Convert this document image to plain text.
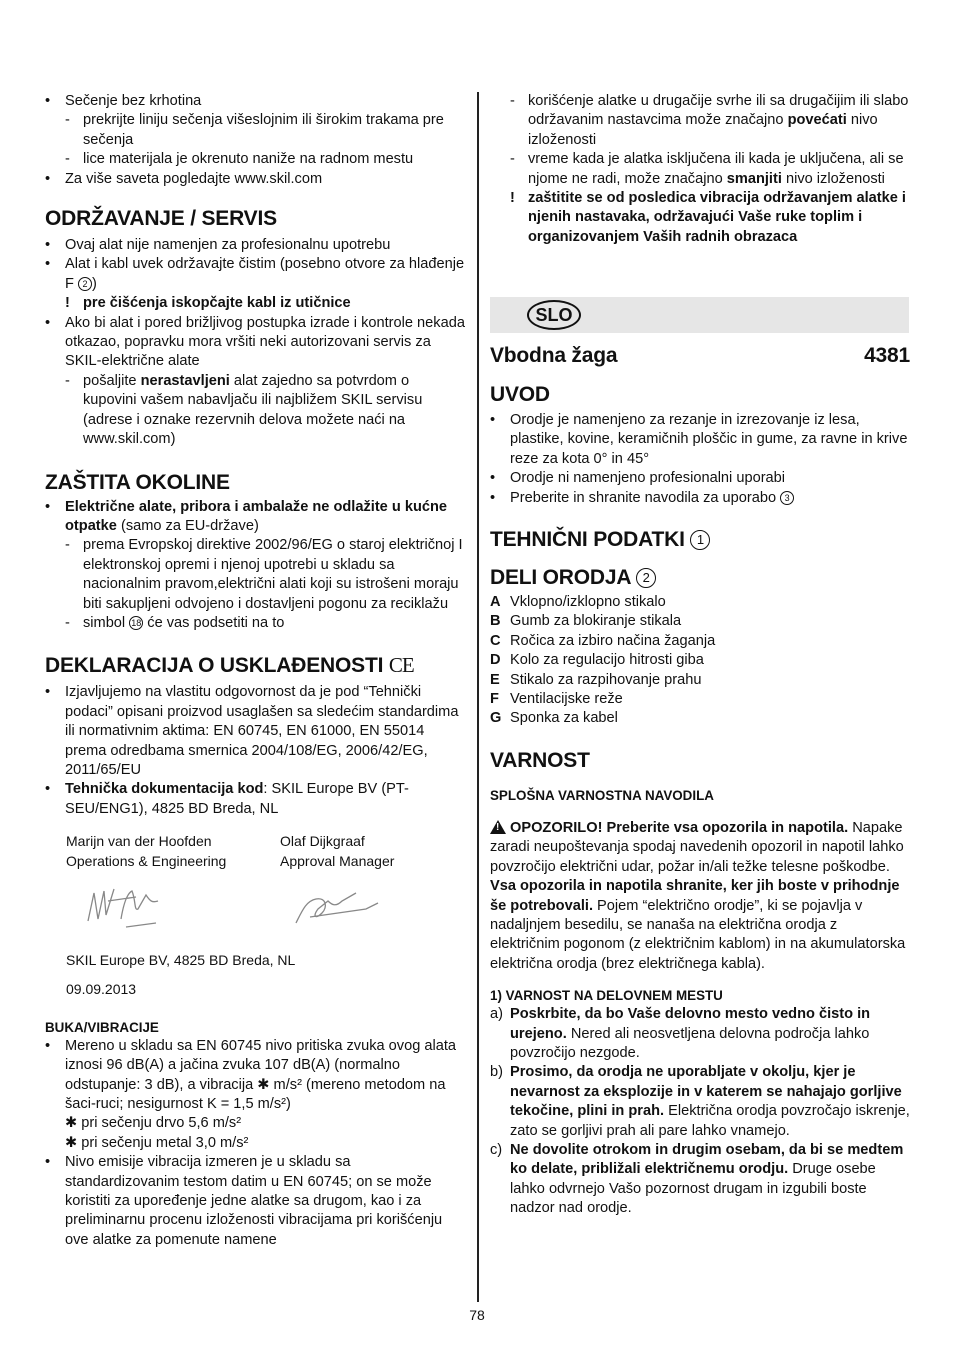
• Sečenje bez krhotina
- prekrijte liniju sečenja višeslojnim ili širokim trakama pre sečenja
- lice materijala je okrenuto naniže na radnom mestu
• Za više saveta pogledajte www.skil.com
ODRŽAVANJE / SERVIS
• Ovaj alat nije namenjen za profesionalnu upotrebu
• Alat i kabl uvek održavajte čistim (posebno otvore za hlađenje F 2 )
! pre čišćenja iskopčajte kabl iz utičnice
• Ako bi alat i pored brižljivog postupka izrade i kontrole nekada otkazao, popravku mora vršiti neki autorizovani servis za SKIL-električne alate
- pošaljite nerastavljeni alat zajedno sa potvrdom o kupovini vašem nabavljaču ili najbližem SKIL servisu (adrese i oznake rezervnih delova možete naći na www.skil.com)
ZAŠTITA OKOLINE
• Električne alate, pribora i ambalaže ne odlažite u kućne otpatke (samo za EU-države)
- prema Evropskoj direktive 2002/96/EG o staroj električnoj I elektronskoj opremi i njenoj upotrebi u skladu sa nacionalnim pravom,električni alati koji su istrošeni moraju biti sakupljeni odvojeno i dostavljeni pogonu za reciklažu
- simbol 18 će vas podsetiti na to
DEKLARACIJA O USKLAĐENOSTI CE
• Izjavljujemo na vlastitu odgovornost da je pod “Tehnički podaci” opisani proizvod usaglašen sa sledećim standardima ili normativnim aktima: EN 60745, EN 61000, EN 55014 prema odredbama smernica 2004/108/EG, 2006/42/EG, 2011/65/EU
• Tehnička dokumentacija kod: SKIL Europe BV (PT-SEU/ENG1), 4825 BD Breda, NL
Marijn van der Hoofden
Operations & Engineering
Olaf Dijkgraaf
Approval Manager
SKIL Europe BV, 4825 BD Breda, NL
09.09.2013
BUKA/VIBRACIJE
• Mereno u skladu sa EN 60745 nivo pritiska zvuka ovog alata iznosi 96 dB(A) a jačina zvuka 107 dB(A) (normalno odstupanje: 3 dB), a vibracija ✱ m/s² (mereno metodom na šaci-ruci; nesigurnost K = 1,5 m/s²)
✱ pri sečenju drvo 5,6 m/s²
✱ pri sečenju metal 3,0 m/s²
• Nivo emisije vibracija izmeren je u skladu sa standardizovanim testom datim u EN 60745; on se može koristiti za upoređenje jedne alatke sa drugom, kao i za preliminarnu procenu izloženosti vibracijama pri korišćenju ove alatke za pomenute namene
- korišćenje alatke u drugačije svrhe ili sa drugačijim ili slabo održavanim nastavcima može značajno povećati nivo izloženosti
- vreme kada je alatka isključena ili kada je uključena, ali se njome ne radi, može značajno smanjiti nivo izloženosti
! zaštitite se od posledica vibracija održavanjem alatke i njenih nastavaka, održavajući Vaše ruke toplim i organizovanjem Vaših radnih obrazaca
SLO
Vbodna žaga	4381
UVOD
• Orodje je namenjeno za rezanje in izrezovanje iz lesa, plastike, kovine, keramičnih ploščic in gume, za ravne in krive reze za kota 0° in 45°
• Orodje ni namenjeno profesionalni uporabi
• Preberite in shranite navodila za uporabo 3
TEHNIČNI PODATKI 1
DELI ORODJA 2
A Vklopno/izklopno stikalo
B Gumb za blokiranje stikala
C Ročica za izbiro načina žaganja
D Kolo za regulacijo hitrosti giba
E Stikalo za razpihovanje prahu
F Ventilacijske reže
G Sponka za kabel
VARNOST
SPLOŠNA VARNOSTNA NAVODILA
! OPOZORILO! Preberite vsa opozorila in napotila. Napake zaradi neupoštevanja spodaj navedenih opozoril in napotil lahko povzročijo električni udar, požar in/ali težke telesne poškodbe. Vsa opozorila in napotila shranite, ker jih boste v prihodnje še potrebovali. Pojem “električno orodje”, ki se pojavlja v nadaljnjem besedilu, se nanaša na električna orodja z električnim pogonom (z električnim kablom) in na akumulatorska električna orodja (brez električnega kabla).
1) VARNOST NA DELOVNEM MESTU
a) Poskrbite, da bo Vaše delovno mesto vedno čisto in urejeno. Nered ali neosvetljena delovna področja lahko povzročijo nezgode.
b) Prosimo, da orodja ne uporabljate v okolju, kjer je nevarnost za eksplozije in v katerem se nahajajo gorljive tekočine, plini in prah. Električna orodja povzročajo iskrenje, zato se gorljivi prah ali pare lahko vnamejo.
c) Ne dovolite otrokom in drugim osebam, da bi se medtem ko delate, približali električnemu orodju. Druge osebe lahko odvrnejo Vašo pozornost drugam in izgubili boste nadzor nad orodje.
78
